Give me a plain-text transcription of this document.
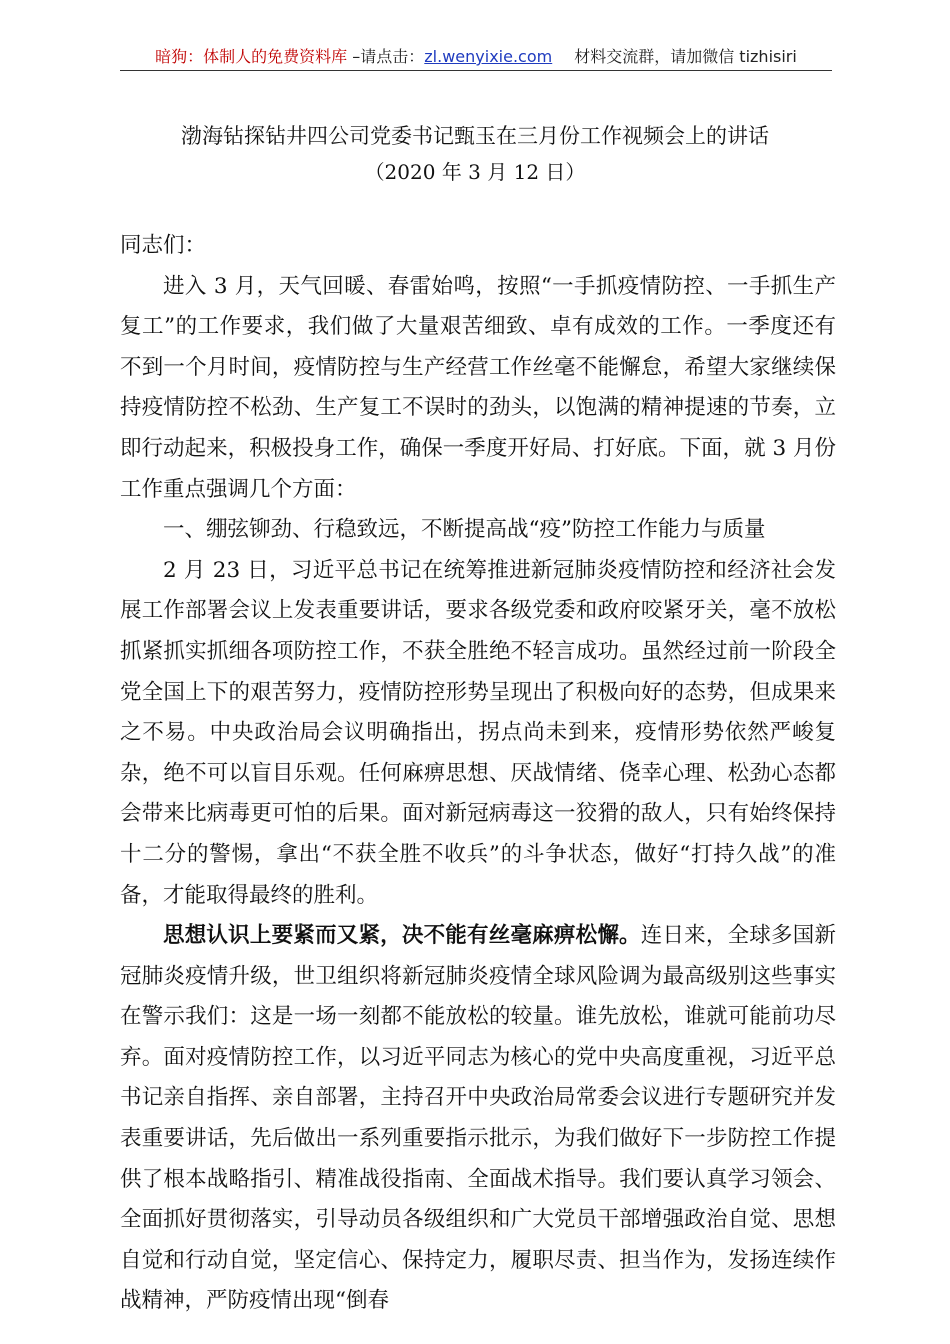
暗狗：体制人的免费资料库 –请点击：zl.wenyixie.com 材料交流群，请加微信 tizhisiri
渤海钻探钻井四公司党委书记甄玉在三月份工作视频会上的讲话
（2020 年 3 月 12 日）

同志们：

进入 3 月，天气回暖、春雷始鸣，按照“一手抓疫情防控、一手抓生产复工”的工作要求，我们做了大量艰苦细致、卓有成效的工作。一季度还有不到一个月时间，疫情防控与生产经营工作丝毫不能懈怠，希望大家继续保持疫情防控不松劲、生产复工不误时的劲头，以饱满的精神提速的节奏，立即行动起来，积极投身工作，确保一季度开好局、打好底。下面，就 3 月份工作重点强调几个方面：

一、绷弦铆劲、行稳致远，不断提高战“疫”防控工作能力与质量

2 月 23 日，习近平总书记在统筹推进新冠肺炎疫情防控和经济社会发展工作部署会议上发表重要讲话，要求各级党委和政府咬紧牙关，毫不放松抓紧抓实抓细各项防控工作，不获全胜绝不轻言成功。虽然经过前一阶段全党全国上下的艰苦努力，疫情防控形势呈现出了积极向好的态势，但成果来之不易。中央政治局会议明确指出，拐点尚未到来，疫情形势依然严峻复杂，绝不可以盲目乐观。任何麻痹思想、厌战情绪、侥幸心理、松劲心态都会带来比病毒更可怕的后果。面对新冠病毒这一狡猾的敌人，只有始终保持十二分的警惕，拿出“不获全胜不收兵”的斗争状态，做好“打持久战”的准备，才能取得最终的胜利。

思想认识上要紧而又紧，决不能有丝毫麻痹松懈。连日来，全球多国新冠肺炎疫情升级，世卫组织将新冠肺炎疫情全球风险调为最高级别这些事实在警示我们：这是一场一刻都不能放松的较量。谁先放松，谁就可能前功尽弃。面对疫情防控工作，以习近平同志为核心的党中央高度重视，习近平总书记亲自指挥、亲自部署，主持召开中央政治局常委会议进行专题研究并发表重要讲话，先后做出一系列重要指示批示，为我们做好下一步防控工作提供了根本战略指引、精准战役指南、全面战术指导。我们要认真学习领会、全面抓好贯彻落实，引导动员各级组织和广大党员干部增强政治自觉、思想自觉和行动自觉，坚定信心、保持定力，履职尽责、担当作为，发扬连续作战精神，严防疫情出现“倒春
